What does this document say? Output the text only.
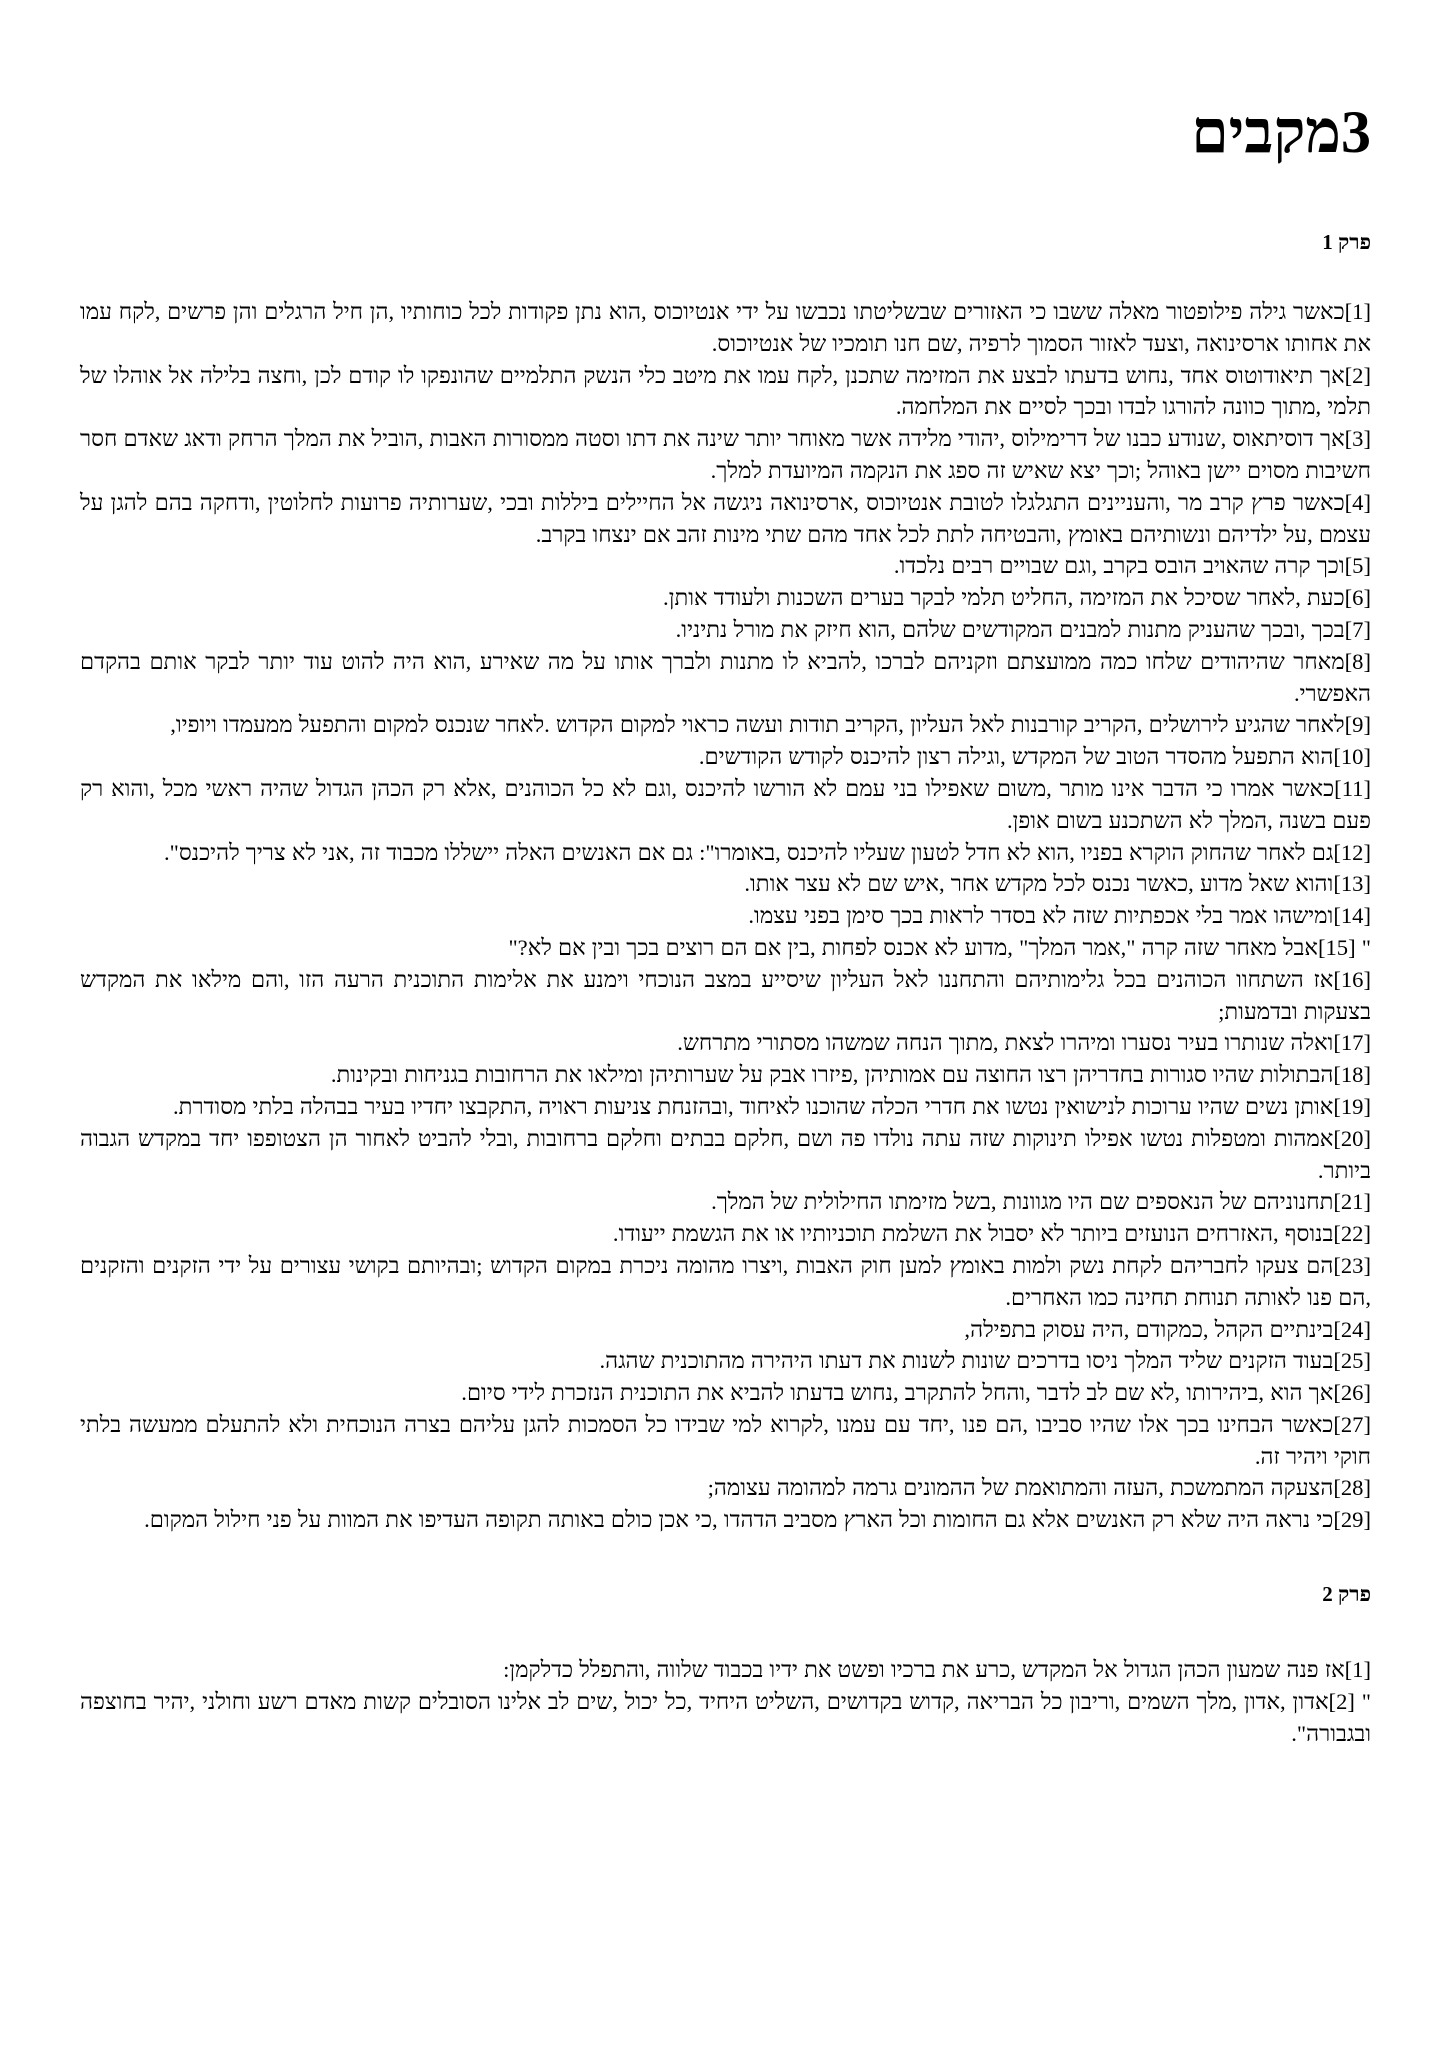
3מקבים
פרק 1

[1]כאשר גילה פילופטור מאלה ששבו כי האזורים שבשליטתו נכבשו על ידי אנטיוכוס ,הוא נתן פקודות לכל כוחותיו ,הן חיל הרגלים והן פרשים ,לקח עמו את אחותו ארסינואה ,וצעד לאזור הסמוך לרפיה ,שם חנו תומכיו של אנטיוכוס.

[2]אך תיאודוטוס אחד ,נחוש בדעתו לבצע את המזימה שתכנן ,לקח עמו את מיטב כלי הנשק התלמיים שהונפקו לו קודם לכן ,וחצה בלילה אל אוהלו של תלמי ,מתוך כוונה להורגו לבדו ובכך לסיים את המלחמה.

[3]אך דוסיתאוס ,שנודע כבנו של דרימילוס ,יהודי מלידה אשר מאוחר יותר שינה את דתו וסטה ממסורות האבות ,הוביל את המלך הרחק ודאג שאדם חסר חשיבות מסוים יישן באוהל ;וכך יצא שאיש זה ספג את הנקמה המיועדת למלך.

[4]כאשר פרץ קרב מר ,והעניינים התגלגלו לטובת אנטיוכוס ,ארסינואה ניגשה אל החיילים ביללות ובכי ,שערותיה פרועות לחלוטין ,ודחקה בהם להגן על עצמם ,על ילדיהם ונשותיהם באומץ ,והבטיחה לתת לכל אחד מהם שתי מינות זהב אם ינצחו בקרב.

[5]וכך קרה שהאויב הובס בקרב ,וגם שבויים רבים נלכדו.

[6]כעת ,לאחר שסיכל את המזימה ,החליט תלמי לבקר בערים השכנות ולעודד אותן.

[7]בכך ,ובכך שהעניק מתנות למבנים המקודשים שלהם ,הוא חיזק את מורל נתיניו.

[8]מאחר שהיהודים שלחו כמה ממועצתם וזקניהם לברכו ,להביא לו מתנות ולברך אותו על מה שאירע ,הוא היה להוט עוד יותר לבקר אותם בהקדם האפשרי.

[9]לאחר שהגיע לירושלים ,הקריב קורבנות לאל העליון ,הקריב תודות ועשה כראוי למקום הקדוש .לאחר שנכנס למקום והתפעל ממעמדו ויופיו,

[10]הוא התפעל מהסדר הטוב של המקדש ,וגילה רצון להיכנס לקודש הקודשים.

[11]כאשר אמרו כי הדבר אינו מותר ,משום שאפילו בני עמם לא הורשו להיכנס ,וגם לא כל הכוהנים ,אלא רק הכהן הגדול שהיה ראשי מכל ,והוא רק פעם בשנה ,המלך לא השתכנע בשום אופן.

[12]גם לאחר שהחוק הוקרא בפניו ,הוא לא חדל לטעון שעליו להיכנס ,באומרו": גם אם האנשים האלה יישללו מכבוד זה ,אני לא צריך להיכנס".

[13]והוא שאל מדוע ,כאשר נכנס לכל מקדש אחר ,איש שם לא עצר אותו.

[14]ומישהו אמר בלי אכפתיות שזה לא בסדר לראות בכך סימן בפני עצמו.

" [15]אבל מאחר שזה קרה ",אמר המלך" ,מדוע לא אכנס לפחות ,בין אם הם רוצים בכך ובין אם לא?"

[16]אז השתחוו הכוהנים בכל גלימותיהם והתחננו לאל העליון שיסייע במצב הנוכחי וימנע את אלימות התוכנית הרעה הזו ,והם מילאו את המקדש בצעקות ובדמעות;

[17]ואלה שנותרו בעיר נסערו ומיהרו לצאת ,מתוך הנחה שמשהו מסתורי מתרחש.

[18]הבתולות שהיו סגורות בחדריהן רצו החוצה עם אמותיהן ,פיזרו אבק על שערותיהן ומילאו את הרחובות בגניחות ובקינות.

[19]אותן נשים שהיו ערוכות לנישואין נטשו את חדרי הכלה שהוכנו לאיחוד ,ובהזנחת צניעות ראויה ,התקבצו יחדיו בעיר בבהלה בלתי מסודרת.

[20]אמהות ומטפלות נטשו אפילו תינוקות שזה עתה נולדו פה ושם ,חלקם בבתים וחלקם ברחובות ,ובלי להביט לאחור הן הצטופפו יחד במקדש הגבוה ביותר.

[21]תחנוניהם של הנאספים שם היו מגוונות ,בשל מזימתו החילולית של המלך.

[22]בנוסף ,האזרחים הנועזים ביותר לא יסבול את השלמת תוכניותיו או את הגשמת ייעודו.

[23]הם צעקו לחבריהם לקחת נשק ולמות באומץ למען חוק האבות ,ויצרו מהומה ניכרת במקום הקדוש ;ובהיותם בקושי עצורים על ידי הזקנים והזקנים ,הם פנו לאותה תנוחת תחינה כמו האחרים.

[24]בינתיים הקהל ,כמקודם ,היה עסוק בתפילה,

[25]בעוד הזקנים שליד המלך ניסו בדרכים שונות לשנות את דעתו היהירה מהתוכנית שהגה.

[26]אך הוא ,ביהירותו ,לא שם לב לדבר ,והחל להתקרב ,נחוש בדעתו להביא את התוכנית הנזכרת לידי סיום.

[27]כאשר הבחינו בכך אלו שהיו סביבו ,הם פנו ,יחד עם עמנו ,לקרוא למי שבידו כל הסמכות להגן עליהם בצרה הנוכחית ולא להתעלם ממעשה בלתי חוקי ויהיר זה.

[28]הצעקה המתמשכת ,העזה והמתואמת של ההמונים גרמה למהומה עצומה;

[29]כי נראה היה שלא רק האנשים אלא גם החומות וכל הארץ מסביב הדהדו ,כי אכן כולם באותה תקופה העדיפו את המוות על פני חילול המקום.

פרק 2

[1]אז פנה שמעון הכהן הגדול אל המקדש ,כרע את ברכיו ופשט את ידיו בכבוד שלווה ,והתפלל כדלקמן:

" [2]אדון ,אדון ,מלך השמים ,וריבון כל הבריאה ,קדוש בקדושים ,השליט היחיד ,כל יכול ,שים לב אלינו הסובלים קשות מאדם רשע וחולני ,יהיר בחוצפה ובגבורה".
